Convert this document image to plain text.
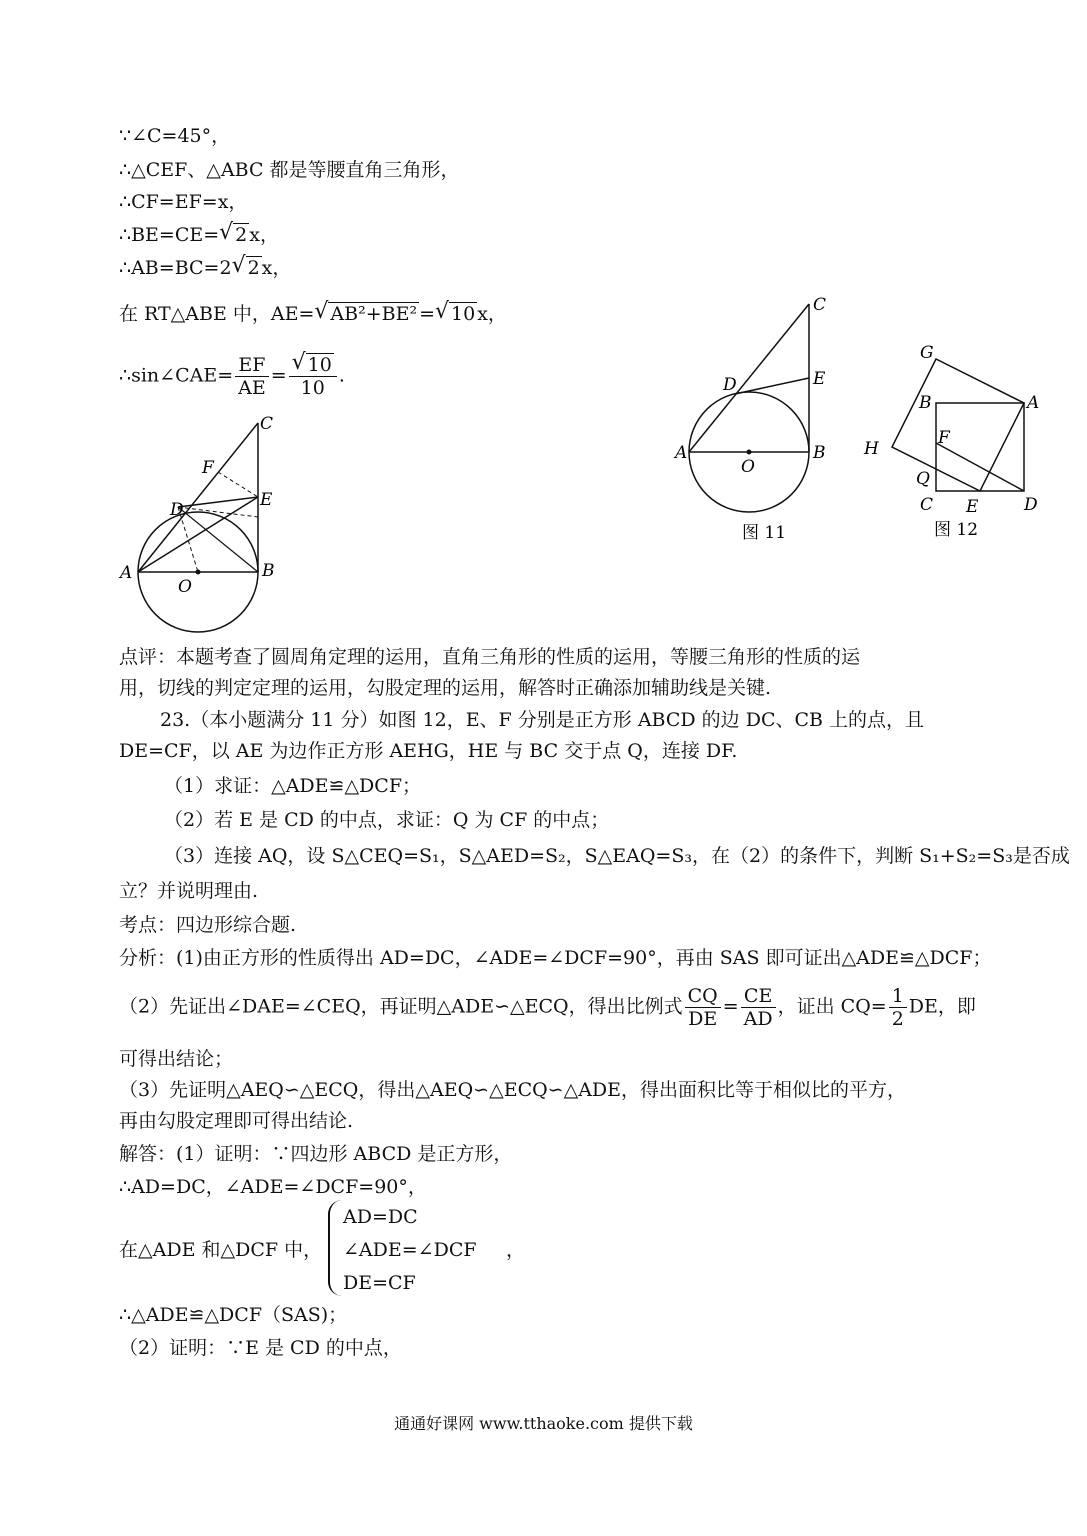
∵∠C=45°，
∴△CEF、△ABC 都是等腰直角三角形，
∴CF=EF=x，
∴BE=CE= √ 2 x，
∴AB=BC=2 √ 2 x，
在 RT△ABE 中，AE= √ AB²+BE² = √ 10 x，
∴sin∠CAE= $\frac{EF}{AE}$ = √ $\frac{10}{10}$ .
C
F
D	E
A	B
O
C
E
D
A	B
O
图 11
G
B	A
F
H
Q
C E	D
图 12
点评：本题考查了圆周角定理的运用，直角三角形的性质的运用，等腰三角形的性质的运
用，切线的判定定理的运用，勾股定理的运用，解答时正确添加辅助线是关键.
23.（本小题满分 11 分）如图 12，E、F 分别是正方形 ABCD 的边 DC、CB 上的点，且
DE=CF，以 AE 为边作正方形 AEHG，HE 与 BC 交于点 Q，连接 DF.
（1）求证：△ADE≌△DCF；
（2）若 E 是 CD 的中点，求证：Q 为 CF 的中点；
（3）连接 AQ，设 S△CEQ=S₁，S△AED=S₂，S△EAQ=S₃，在（2）的条件下，判断 S₁+S₂=S₃是否成
立？并说明理由.
考点：四边形综合题.
分析：(1)由正方形的性质得出 AD=DC，∠ADE=∠DCF=90°，再由 SAS 即可证出△ADE≌△DCF；
（2）先证出∠DAE=∠CEQ，再证明△ADE∽△ECQ，得出比例式 $\frac{CQ}{DE} = \frac{CE}{AD}$ ，证出 $CQ= \frac{1}{2}$ DE，即
可得出结论；
（3）先证明△AEQ∽△ECQ，得出△AEQ∽△ECQ∽△ADE，得出面积比等于相似比的平方，
再由勾股定理即可得出结论.
解答：(1）证明：∵四边形 ABCD 是正方形，
∴AD=DC，∠ADE=∠DCF=90°，
在△ADE 和△DCF 中，
AD=DC
∠ADE=∠DCF
DE=CF
，
∴△ADE≌△DCF（SAS)；
（2）证明：∵E 是 CD 的中点，
通通好课网 www.tthaoke.com 提供下载
